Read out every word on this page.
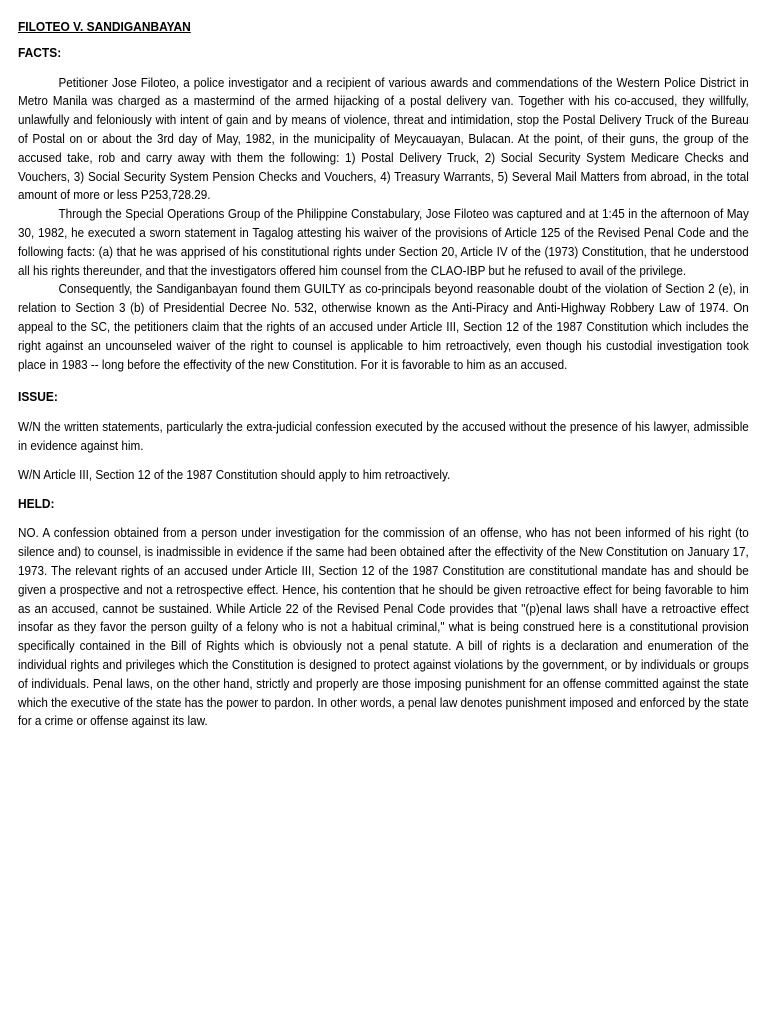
FILOTEO V. SANDIGANBAYAN
FACTS:

Petitioner Jose Filoteo, a police investigator and a recipient of various awards and commendations of the Western Police District in Metro Manila was charged as a mastermind of the armed hijacking of a postal delivery van. Together with his co-accused, they willfully, unlawfully and feloniously with intent of gain and by means of violence, threat and intimidation, stop the Postal Delivery Truck of the Bureau of Postal on or about the 3rd day of May, 1982, in the municipality of Meycauayan, Bulacan. At the point, of their guns, the group of the accused take, rob and carry away with them the following: 1) Postal Delivery Truck, 2) Social Security System Medicare Checks and Vouchers, 3) Social Security System Pension Checks and Vouchers, 4) Treasury Warrants, 5) Several Mail Matters from abroad, in the total amount of more or less P253,728.29.

Through the Special Operations Group of the Philippine Constabulary, Jose Filoteo was captured and at 1:45 in the afternoon of May 30, 1982, he executed a sworn statement in Tagalog attesting his waiver of the provisions of Article 125 of the Revised Penal Code and the following facts: (a) that he was apprised of his constitutional rights under Section 20, Article IV of the (1973) Constitution, that he understood all his rights thereunder, and that the investigators offered him counsel from the CLAO-IBP but he refused to avail of the privilege.

Consequently, the Sandiganbayan found them GUILTY as co-principals beyond reasonable doubt of the violation of Section 2 (e), in relation to Section 3 (b) of Presidential Decree No. 532, otherwise known as the Anti-Piracy and Anti-Highway Robbery Law of 1974. On appeal to the SC, the petitioners claim that the rights of an accused under Article III, Section 12 of the 1987 Constitution which includes the right against an uncounseled waiver of the right to counsel is applicable to him retroactively, even though his custodial investigation took place in 1983 -- long before the effectivity of the new Constitution. For it is favorable to him as an accused.

ISSUE:

W/N the written statements, particularly the extra-judicial confession executed by the accused without the presence of his lawyer, admissible in evidence against him.

W/N Article III, Section 12 of the 1987 Constitution should apply to him retroactively.

HELD:

NO. A confession obtained from a person under investigation for the commission of an offense, who has not been informed of his right (to silence and) to counsel, is inadmissible in evidence if the same had been obtained after the effectivity of the New Constitution on January 17, 1973. The relevant rights of an accused under Article III, Section 12 of the 1987 Constitution are constitutional mandate has and should be given a prospective and not a retrospective effect. Hence, his contention that he should be given retroactive effect for being favorable to him as an accused, cannot be sustained. While Article 22 of the Revised Penal Code provides that "(p)enal laws shall have a retroactive effect insofar as they favor the person guilty of a felony who is not a habitual criminal," what is being construed here is a constitutional provision specifically contained in the Bill of Rights which is obviously not a penal statute. A bill of rights is a declaration and enumeration of the individual rights and privileges which the Constitution is designed to protect against violations by the government, or by individuals or groups of individuals. Penal laws, on the other hand, strictly and properly are those imposing punishment for an offense committed against the state which the executive of the state has the power to pardon. In other words, a penal law denotes punishment imposed and enforced by the state for a crime or offense against its law.
